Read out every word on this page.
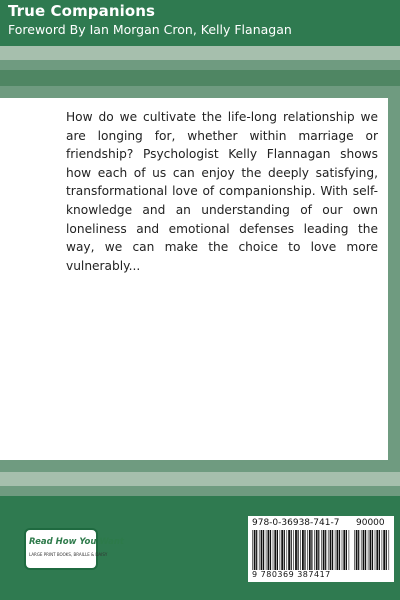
True Companions
Foreword By Ian Morgan Cron, Kelly Flanagan

How do we cultivate the life-long relationship we are longing for, whether within marriage or friendship? Psychologist Kelly Flannagan shows how each of us can enjoy the deeply satisfying, transformational love of companionship. With self-knowledge and an understanding of our own loneliness and emotional defenses leading the way, we can make the choice to love more vulnerably...

Read How You Want
LARGE PRINT BOOKS, BRAILLE & DAISY
978-0-36938-741-7 90000
9 780369 387417
